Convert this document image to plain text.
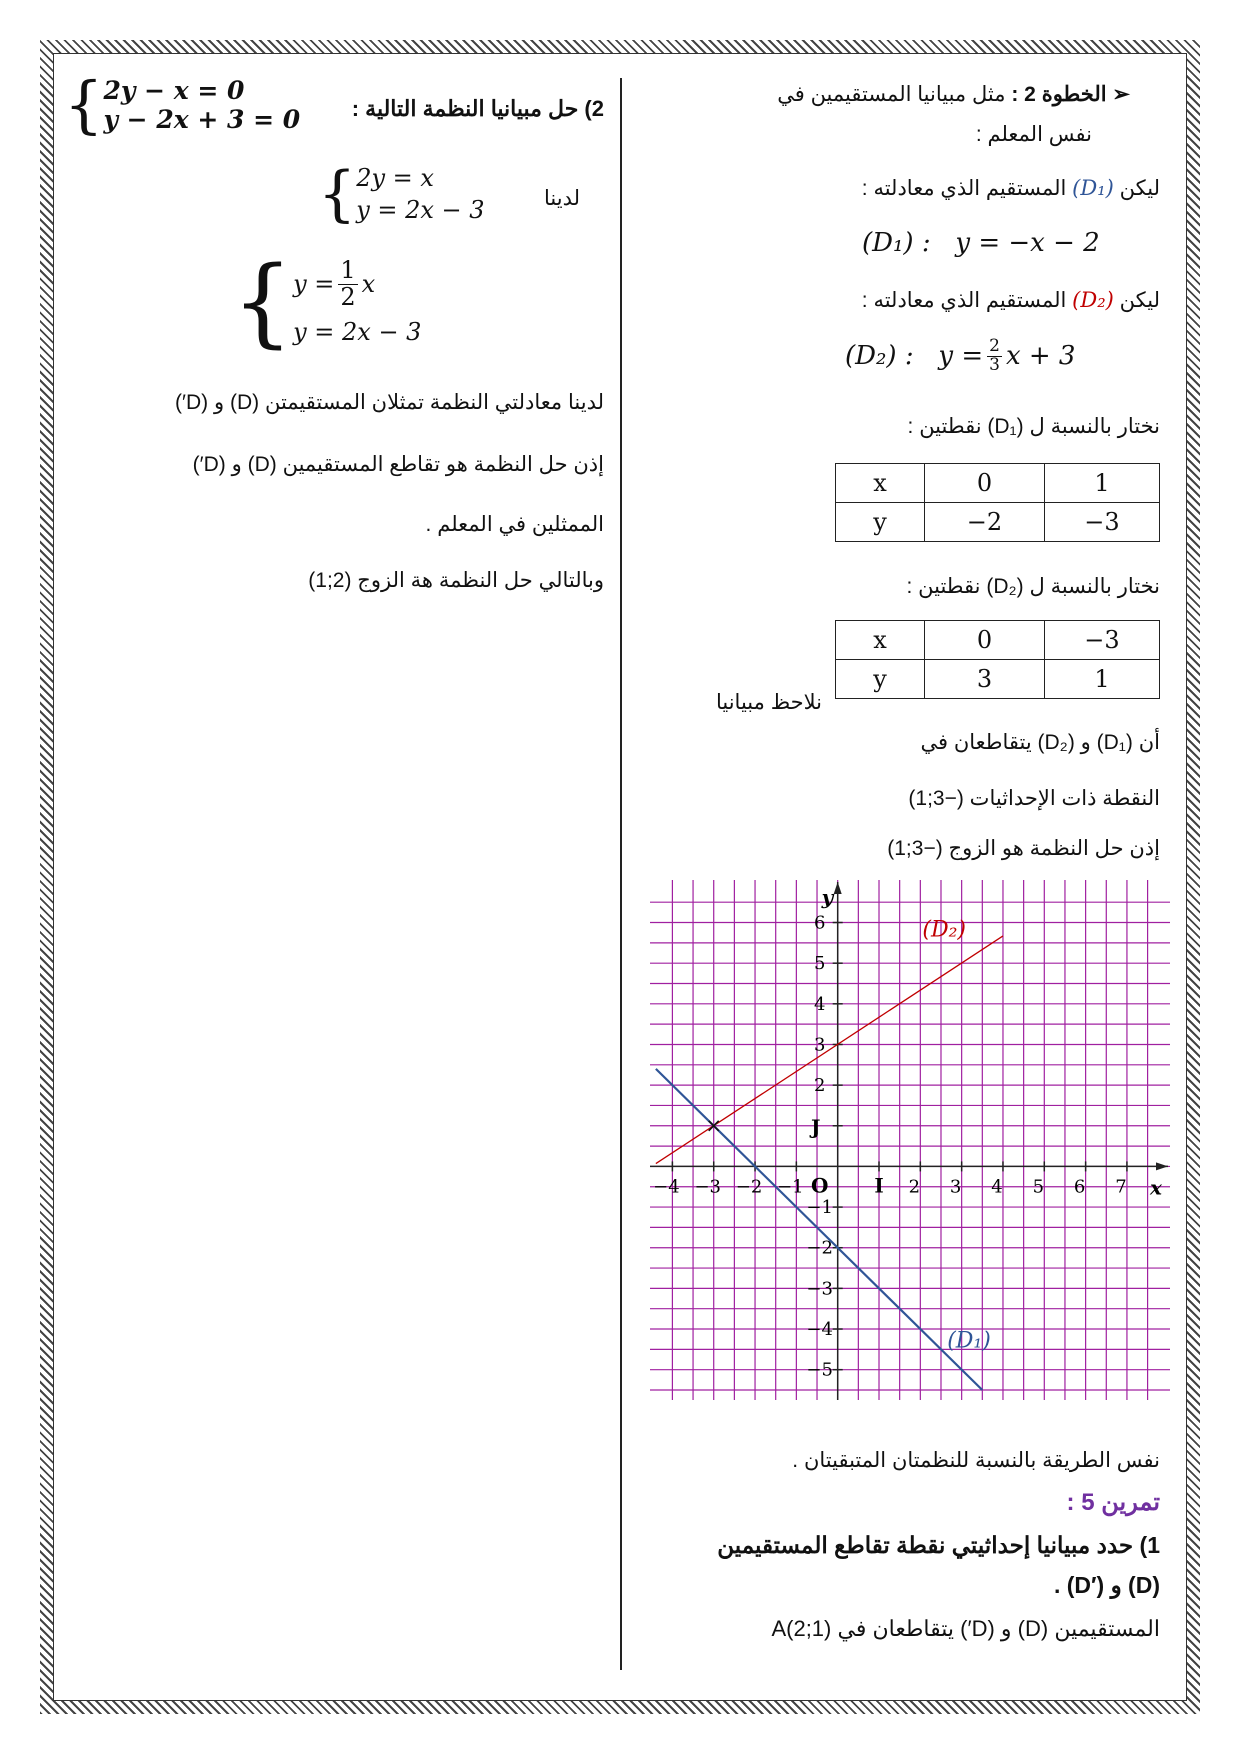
{ 2y − x = 0
y − 2x + 3 = 0 2) حل مبيانيا النظمة التالية :
لدينا
{ 2y = x
y = 2x − 3
{ $y = \frac{1}{2}$ x
y = 2x − 3
لدينا معادلتي النظمة تمثلان المستقيمتن (D) و (D′)
إذن حل النظمة هو تقاطع المستقيمين (D) و (D′)
الممثلين في المعلم .
وبالتالي حل النظمة هة الزوج (2;1)
➢ الخطوة 2 : مثل مبيانيا المستقيمين في
نفس المعلم :
ليكن (D₁) المستقيم الذي معادلته :
(D₁) :   y = −x − 2
ليكن (D₂) المستقيم الذي معادلته :
(D₂) :   $y = \frac{2}{3}$ x + 3
نختار بالنسبة ل (D₁) نقطتين :
x	0	1
y	−2	−3
نختار بالنسبة ل (D₂) نقطتين :
x	0	−3
y	3	1
نلاحظ مبيانيا
أن (D₁) و (D₂) يتقاطعان في
النقطة ذات الإحداثيات (−3;1)
إذن حل النظمة هو الزوج (−3;1)
−4 −3 −2 −1	I 2 3 4 5 6 7
−5
−4
−3
−2
−1
J
2
3
4
5
6
O	x
y
(D₁)
(D₂)
نفس الطريقة بالنسبة للنظمتان المتبقيتان .
تمرين 5 :
1) حدد مبيانيا إحداثيتي نقطة تقاطع المستقيمين
. (D′) و (D)
المستقيمين (D) و (D′) يتقاطعان في A(2;1)
